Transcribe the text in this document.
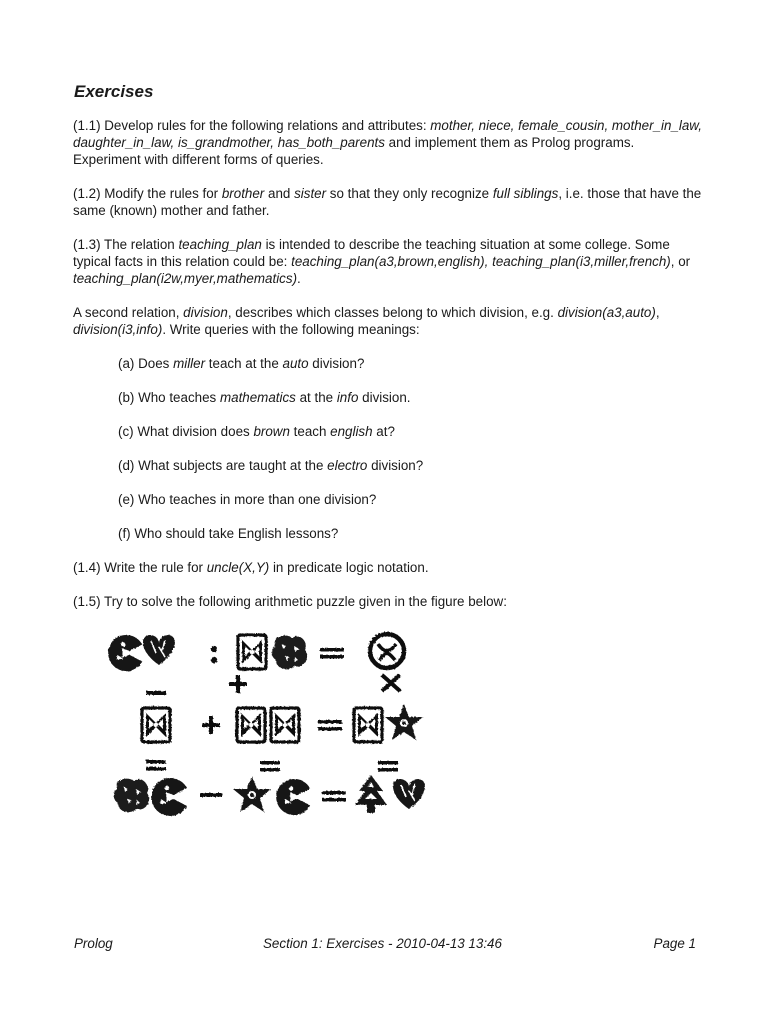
Exercises

(1.1) Develop rules for the following relations and attributes: mother, niece, female_cousin, mother_in_law, daughter_in_law, is_grandmother, has_both_parents and implement them as Prolog programs. Experiment with different forms of queries.

(1.2) Modify the rules for brother and sister so that they only recognize full siblings, i.e. those that have the same (known) mother and father.

(1.3) The relation teaching_plan is intended to describe the teaching situation at some college. Some typical facts in this relation could be: teaching_plan(a3,brown,english), teaching_plan(i3,miller,french), or teaching_plan(i2w,myer,mathematics).

A second relation, division, describes which classes belong to which division, e.g. division(a3,auto), division(i3,info). Write queries with the following meanings:

(a) Does miller teach at the auto division?
(b) Who teaches mathematics at the info division.
(c) What division does brown teach english at?
(d) What subjects are taught at the electro division?
(e) Who teaches in more than one division?
(f) Who should take English lessons?

(1.4) Write the rule for uncle(X,Y) in predicate logic notation.

(1.5) Try to solve the following arithmetic puzzle given in the figure below:

Prolog	Section 1: Exercises - 2010-04-13 13:46	Page 1
